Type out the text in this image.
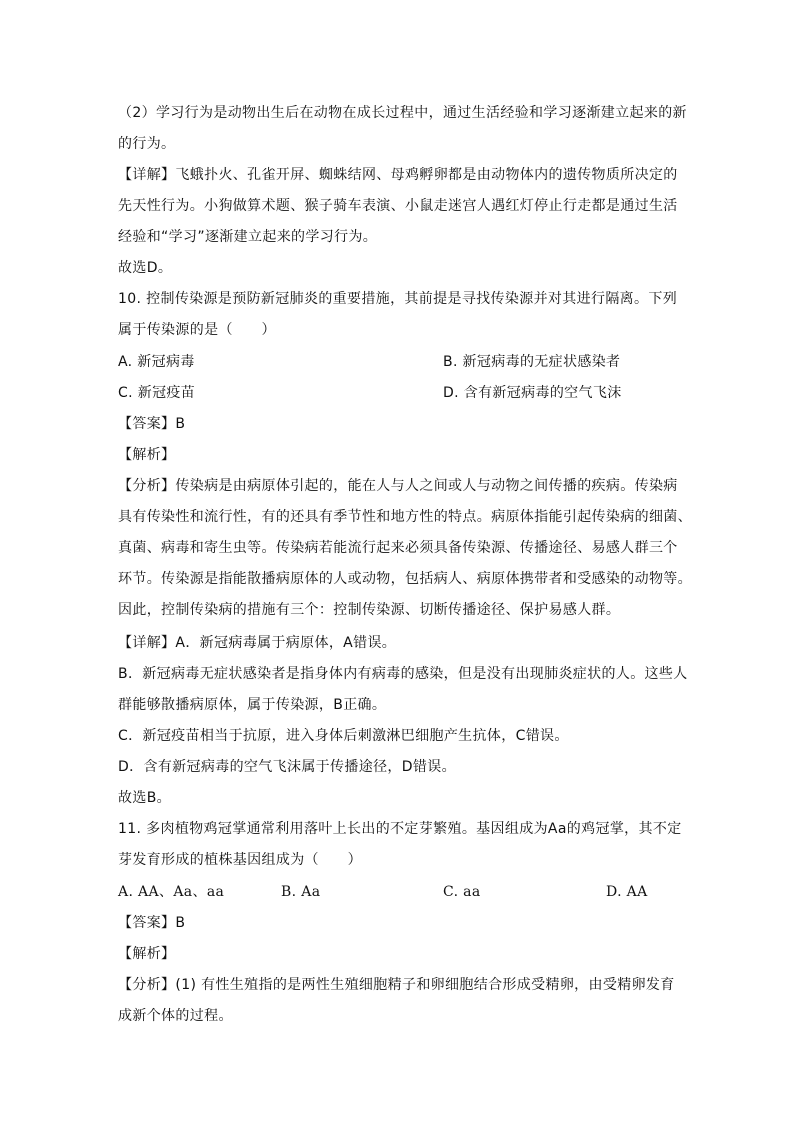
（2）学习行为是动物出生后在动物在成长过程中，通过生活经验和学习逐渐建立起来的新
的行为。
【详解】飞蛾扑火、孔雀开屏、蜘蛛结网、母鸡孵卵都是由动物体内的遗传物质所决定的
先天性行为。小狗做算术题、猴子骑车表演、小鼠走迷宫人遇红灯停止行走都是通过生活
经验和“学习”逐渐建立起来的学习行为。
故选D。
10. 控制传染源是预防新冠肺炎的重要措施，其前提是寻找传染源并对其进行隔离。下列
属于传染源的是（　　）
A. 新冠病毒	B. 新冠病毒的无症状感染者
C. 新冠疫苗	D. 含有新冠病毒的空气飞沫
【答案】B
【解析】
【分析】传染病是由病原体引起的，能在人与人之间或人与动物之间传播的疾病。传染病
具有传染性和流行性，有的还具有季节性和地方性的特点。病原体指能引起传染病的细菌、
真菌、病毒和寄生虫等。传染病若能流行起来必须具备传染源、传播途径、易感人群三个
环节。传染源是指能散播病原体的人或动物，包括病人、病原体携带者和受感染的动物等。
因此，控制传染病的措施有三个：控制传染源、切断传播途径、保护易感人群。
【详解】A．新冠病毒属于病原体，A错误。
B．新冠病毒无症状感染者是指身体内有病毒的感染，但是没有出现肺炎症状的人。这些人
群能够散播病原体，属于传染源，B正确。
C．新冠疫苗相当于抗原，进入身体后刺激淋巴细胞产生抗体，C错误。
D．含有新冠病毒的空气飞沫属于传播途径，D错误。
故选B。
11. 多肉植物鸡冠掌通常利用落叶上长出的不定芽繁殖。基因组成为Aa的鸡冠掌，其不定
芽发育形成的植株基因组成为（　　）
A. AA、Aa、aa	B. Aa	C. aa	D. AA
【答案】B
【解析】
【分析】(1) 有性生殖指的是两性生殖细胞精子和卵细胞结合形成受精卵，由受精卵发育
成新个体的过程。
